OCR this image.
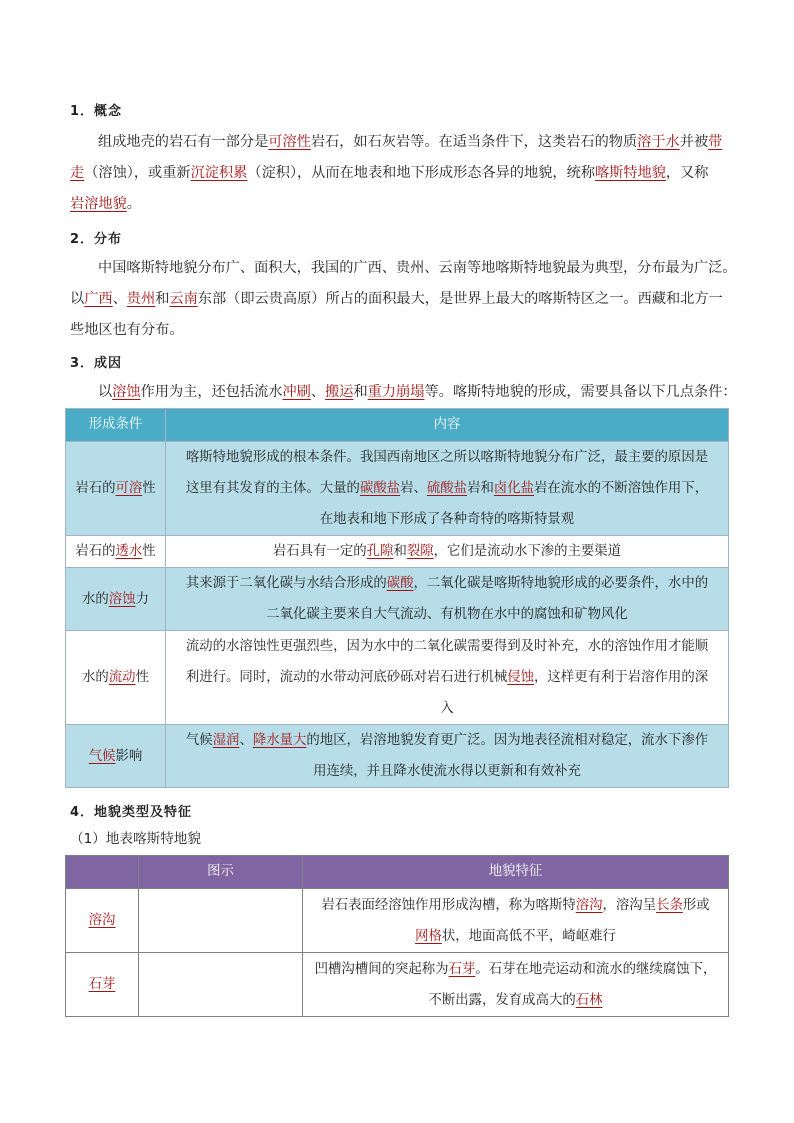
1．概念
组成地壳的岩石有一部分是可溶性岩石，如石灰岩等。在适当条件下，这类岩石的物质溶于水并被带
走（溶蚀），或重新沉淀积累（淀积），从而在地表和地下形成形态各异的地貌，统称喀斯特地貌，又称
岩溶地貌。
2．分布
中国喀斯特地貌分布广、面积大，我国的广西、贵州、云南等地喀斯特地貌最为典型，分布最为广泛。
以广西、贵州和云南东部（即云贵高原）所占的面积最大，是世界上最大的喀斯特区之一。西藏和北方一
些地区也有分布。
3．成因
以溶蚀作用为主，还包括流水冲刷、搬运和重力崩塌等。喀斯特地貌的形成，需要具备以下几点条件：
形成条件	内容
岩石的可溶性	喀斯特地貌形成的根本条件。我国西南地区之所以喀斯特地貌分布广泛，最主要的原因是
这里有其发育的主体。大量的碳酸盐岩、硫酸盐岩和卤化盐岩在流水的不断溶蚀作用下，
在地表和地下形成了各种奇特的喀斯特景观

岩石的透水性	岩石具有一定的孔隙和裂隙，它们是流动水下渗的主要渠道
水的溶蚀力	其来源于二氧化碳与水结合形成的碳酸，二氧化碳是喀斯特地貌形成的必要条件，水中的
二氧化碳主要来自大气流动、有机物在水中的腐蚀和矿物风化

水的流动性	流动的水溶蚀性更强烈些，因为水中的二氧化碳需要得到及时补充，水的溶蚀作用才能顺
利进行。同时，流动的水带动河底砂砾对岩石进行机械侵蚀，这样更有利于岩溶作用的深
入

气候影响	气候湿润、降水量大的地区，岩溶地貌发育更广泛。因为地表径流相对稳定，流水下渗作
用连续，并且降水使流水得以更新和有效补充
4．地貌类型及特征
（1）地表喀斯特地貌
	图示	地貌特征
溶沟		岩石表面经溶蚀作用形成沟槽，称为喀斯特溶沟，溶沟呈长条形或
网格状，地面高低不平，崎岖难行

石芽		凹槽沟槽间的突起称为石芽。石芽在地壳运动和流水的继续腐蚀下，
不断出露，发育成高大的石林
